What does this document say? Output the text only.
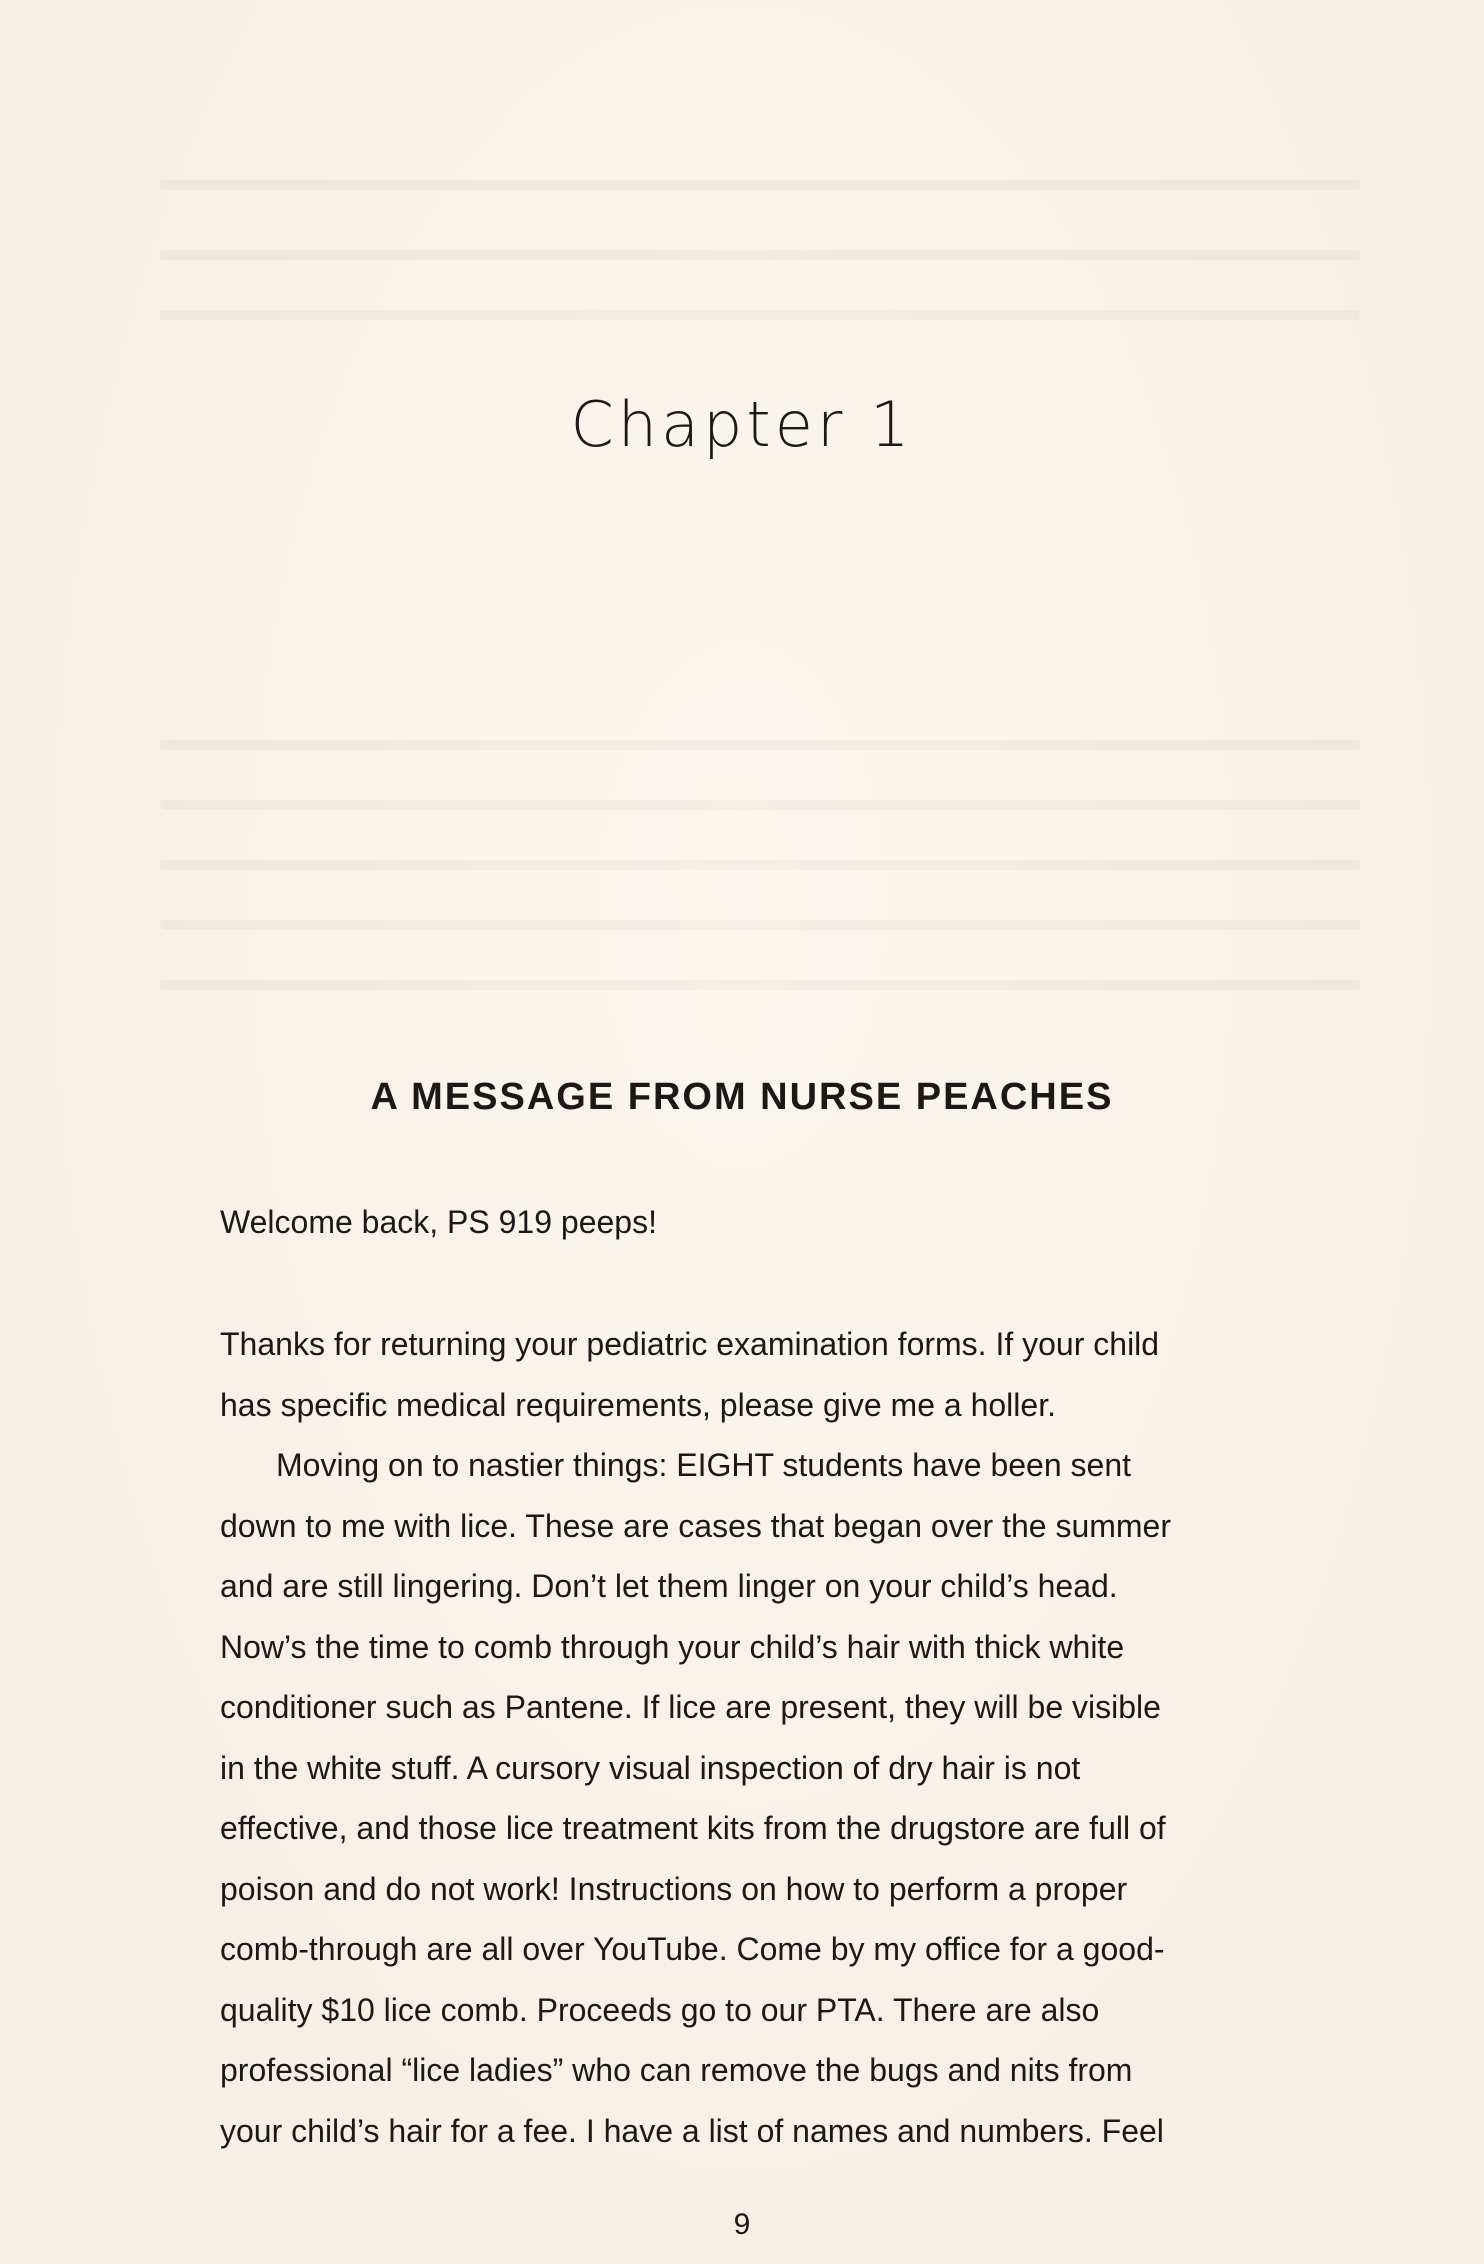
Chapter 1
A MESSAGE FROM NURSE PEACHES
Welcome back, PS 919 peeps!
Thanks for returning your pediatric examination forms. If your child
has specific medical requirements, please give me a holler.
Moving on to nastier things: EIGHT students have been sent
down to me with lice. These are cases that began over the summer
and are still lingering. Don’t let them linger on your child’s head.
Now’s the time to comb through your child’s hair with thick white
conditioner such as Pantene. If lice are present, they will be visible
in the white stuff. A cursory visual inspection of dry hair is not
effective, and those lice treatment kits from the drugstore are full of
poison and do not work! Instructions on how to perform a proper
comb-through are all over YouTube. Come by my office for a good-
quality $10 lice comb. Proceeds go to our PTA. There are also
professional “lice ladies” who can remove the bugs and nits from
your child’s hair for a fee. I have a list of names and numbers. Feel
9
